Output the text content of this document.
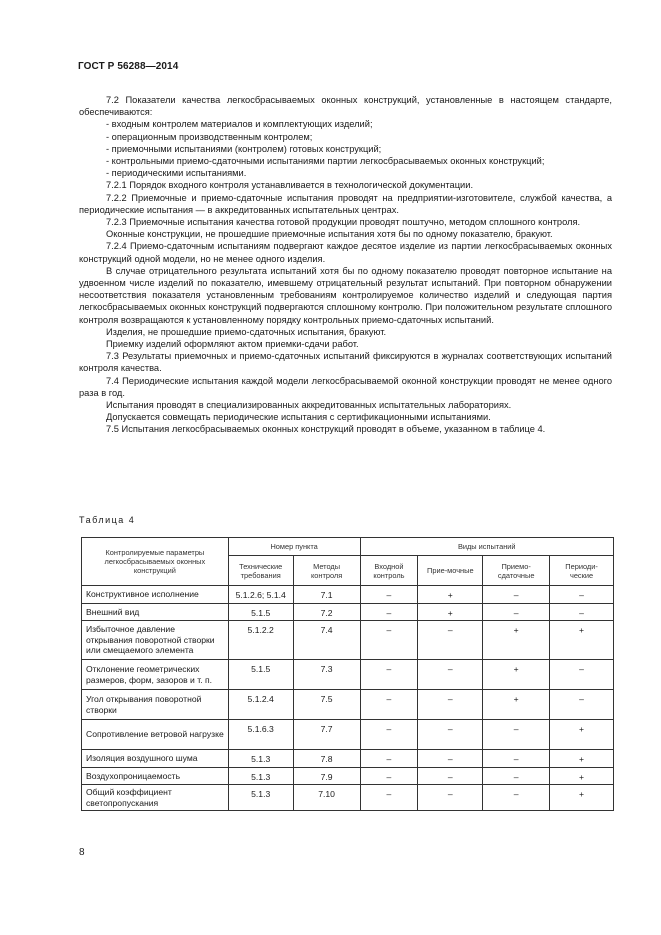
ГОСТ Р 56288—2014

7.2 Показатели качества легкосбрасываемых оконных конструкций, установленные в настоящем стандарте, обеспечиваются:

- входным контролем материалов и комплектующих изделий;

- операционным производственным контролем;

- приемочными испытаниями (контролем) готовых конструкций;

- контрольными приемо-сдаточными испытаниями партии легкосбрасываемых оконных конструкций;

- периодическими испытаниями.

7.2.1 Порядок входного контроля устанавливается в технологической документации.

7.2.2 Приемочные и приемо-сдаточные испытания проводят на предприятии-изготовителе, службой качества, а периодические испытания — в аккредитованных испытательных центрах.

7.2.3 Приемочные испытания качества готовой продукции проводят поштучно, методом сплошного контроля.

Оконные конструкции, не прошедшие приемочные испытания хотя бы по одному показателю, бракуют.

7.2.4 Приемо-сдаточным испытаниям подвергают каждое десятое изделие из партии легкосбрасываемых оконных конструкций одной модели, но не менее одного изделия.

В случае отрицательного результата испытаний хотя бы по одному показателю проводят повторное испытание на удвоенном числе изделий по показателю, имевшему отрицательный результат испытаний. При повторном обнаружении несоответствия показателя установленным требованиям контролируемое количество изделий и следующая партия легкосбрасываемых оконных конструкций подвергаются сплошному контролю. При положительном результате сплошного контроля возвращаются к установленному порядку контрольных приемо-сдаточных испытаний.

Изделия, не прошедшие приемо-сдаточных испытания, бракуют.

Приемку изделий оформляют актом приемки-сдачи работ.

7.3 Результаты приемочных и приемо-сдаточных испытаний фиксируются в журналах соответствующих испытаний контроля качества.

7.4 Периодические испытания каждой модели легкосбрасываемой оконной конструкции проводят не менее одного раза в год.

Испытания проводят в специализированных аккредитованных испытательных лабораториях.

Допускается совмещать периодические испытания с сертификационными испытаниями.

7.5 Испытания легкосбрасываемых оконных конструкций проводят в объеме, указанном в таблице 4.

Таблица 4
Контролируемые параметры легкосбрасываемых оконных конструкций	Номер пункта		Виды испытаний			
	Технические требования	Методы контроля	Входной контроль	Прие-мочные	Приемо-сдаточные	Периоди-ческие
Конструктивное исполнение	5.1.2.6; 5.1.4	7.1	–	+	–	–
Внешний вид	5.1.5	7.2	–	+	–	–
Избыточное давление открывания поворотной створки или смещаемого элемента	5.1.2.2	7.4	–	–	+	+
Отклонение геометрических размеров, форм, зазоров и т. п.	5.1.5	7.3	–	–	+	–
Угол открывания поворотной створки	5.1.2.4	7.5	–	–	+	–
Сопротивление ветровой нагрузке	5.1.6.3	7.7	–	–	–	+
Изоляция воздушного шума	5.1.3	7.8	–	–	–	+
Воздухопроницаемость	5.1.3	7.9	–	–	–	+
Общий коэффициент светопропускания	5.1.3	7.10	–	–	–	+
8
